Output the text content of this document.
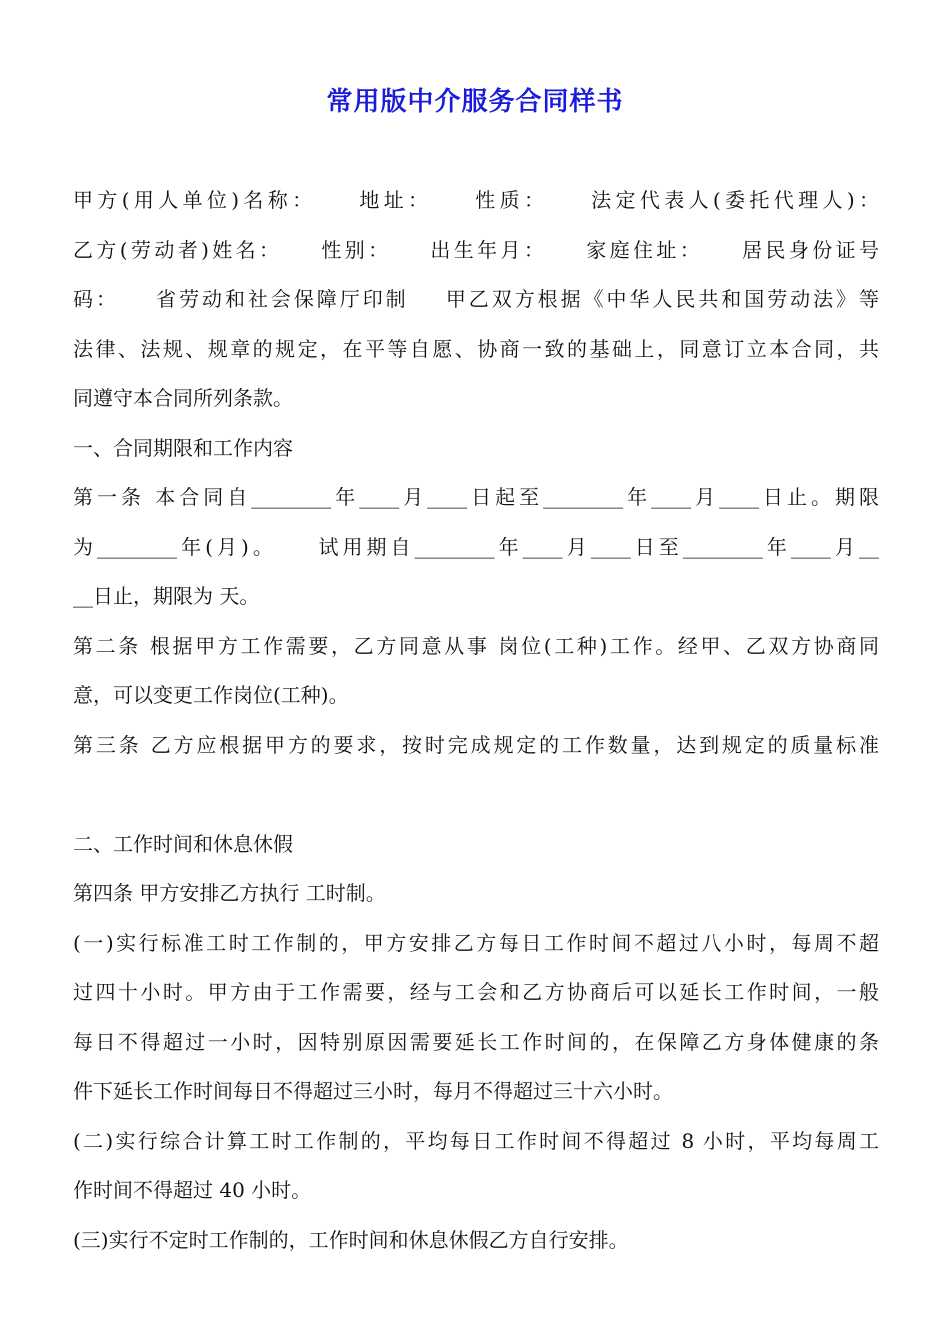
常用版中介服务合同样书
甲方(用人单位)名称：    地址：    性质：    法定代表人(委托代理人)：
乙方(劳动者)姓名：    性别：    出生年月：    家庭住址：    居民身份证号
码：    省劳动和社会保障厅印制    甲乙双方根据《中华人民共和国劳动法》等
法律、法规、规章的规定，在平等自愿、协商一致的基础上，同意订立本合同，共
同遵守本合同所列条款。
一、合同期限和工作内容
第一条 本合同自________年____月____日起至________年____月____日止。期限
为________年(月)。    试用期自________年____月____日至________年____月__
__日止，期限为 天。
第二条 根据甲方工作需要，乙方同意从事 岗位(工种)工作。经甲、乙双方协商同
意，可以变更工作岗位(工种)。
第三条 乙方应根据甲方的要求，按时完成规定的工作数量，达到规定的质量标准
二、工作时间和休息休假
第四条 甲方安排乙方执行 工时制。
(一)实行标准工时工作制的，甲方安排乙方每日工作时间不超过八小时，每周不超
过四十小时。甲方由于工作需要，经与工会和乙方协商后可以延长工作时间，一般
每日不得超过一小时，因特别原因需要延长工作时间的，在保障乙方身体健康的条
件下延长工作时间每日不得超过三小时，每月不得超过三十六小时。
(二)实行综合计算工时工作制的，平均每日工作时间不得超过 8 小时，平均每周工
作时间不得超过 40 小时。
(三)实行不定时工作制的，工作时间和休息休假乙方自行安排。
